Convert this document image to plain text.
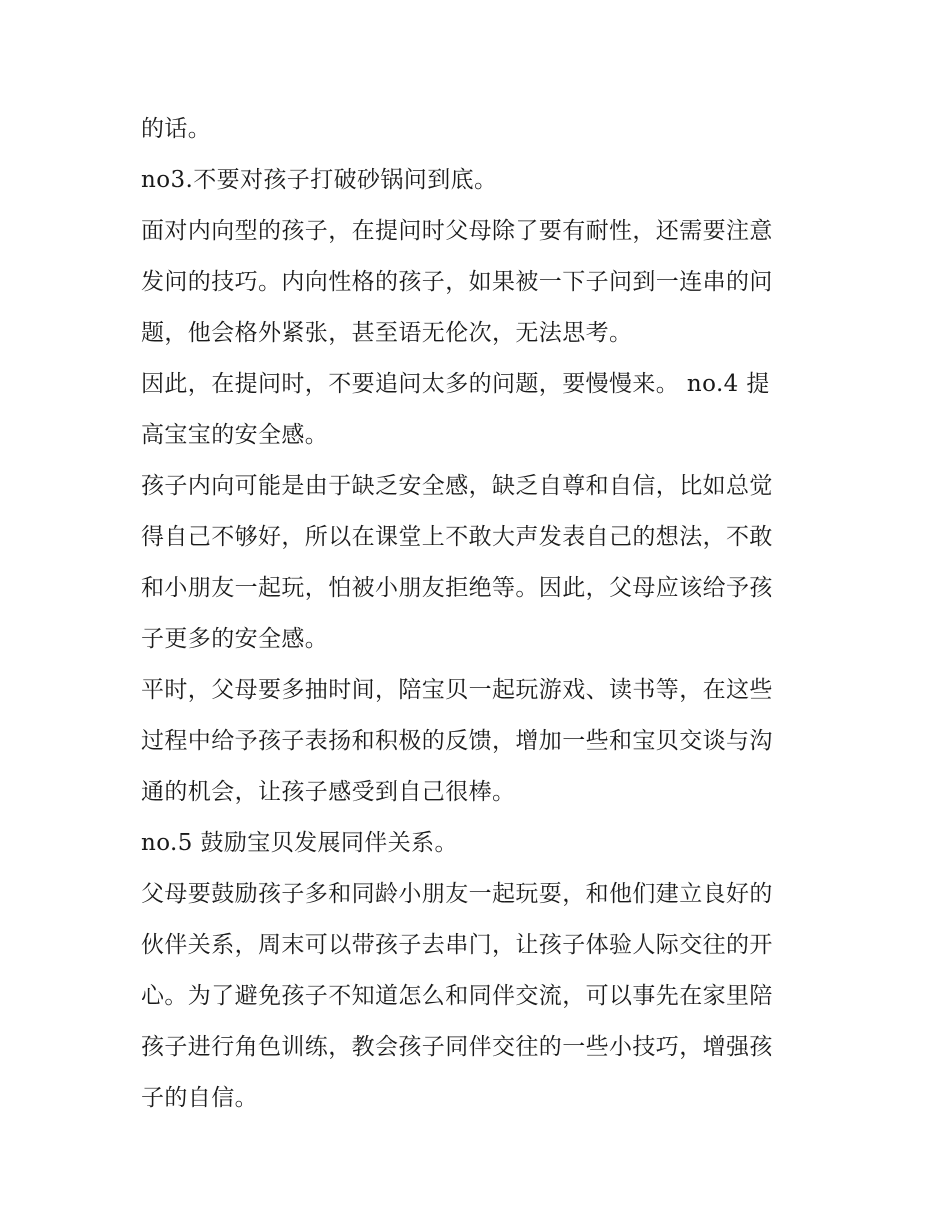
的话。

no3.不要对孩子打破砂锅问到底。

面对内向型的孩子，在提问时父母除了要有耐性，还需要注意
发问的技巧。内向性格的孩子，如果被一下子问到一连串的问
题，他会格外紧张，甚至语无伦次，无法思考。

因此，在提问时，不要追问太多的问题，要慢慢来。 no.4 提
高宝宝的安全感。

孩子内向可能是由于缺乏安全感，缺乏自尊和自信，比如总觉
得自己不够好，所以在课堂上不敢大声发表自己的想法，不敢
和小朋友一起玩，怕被小朋友拒绝等。因此，父母应该给予孩
子更多的安全感。

平时，父母要多抽时间，陪宝贝一起玩游戏、读书等，在这些
过程中给予孩子表扬和积极的反馈，增加一些和宝贝交谈与沟
通的机会，让孩子感受到自己很棒。

no.5 鼓励宝贝发展同伴关系。

父母要鼓励孩子多和同龄小朋友一起玩耍，和他们建立良好的
伙伴关系，周末可以带孩子去串门，让孩子体验人际交往的开
心。为了避免孩子不知道怎么和同伴交流，可以事先在家里陪
孩子进行角色训练，教会孩子同伴交往的一些小技巧，增强孩
子的自信。
